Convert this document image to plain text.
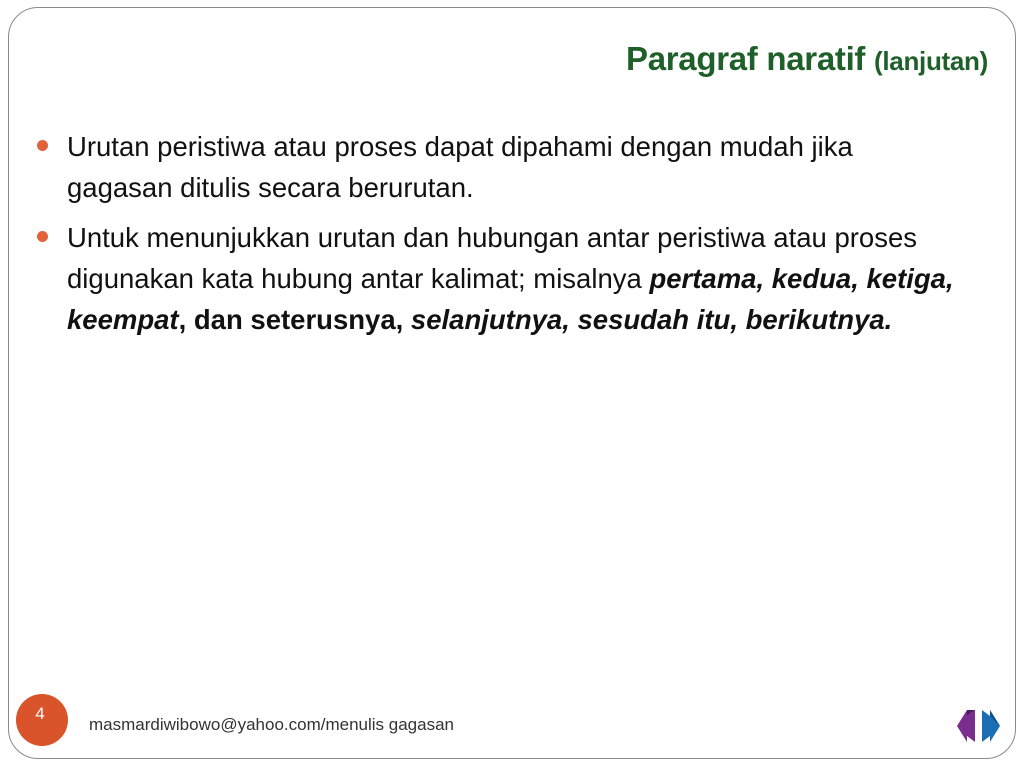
Paragraf naratif (lanjutan)
Urutan peristiwa atau proses dapat dipahami dengan mudah jika gagasan ditulis secara berurutan.
Untuk menunjukkan urutan dan hubungan antar peristiwa atau proses digunakan kata hubung antar kalimat; misalnya pertama, kedua, ketiga, keempat, dan seterusnya, selanjutnya, sesudah itu, berikutnya.
4
masmardiwibowo@yahoo.com/menulis gagasan
